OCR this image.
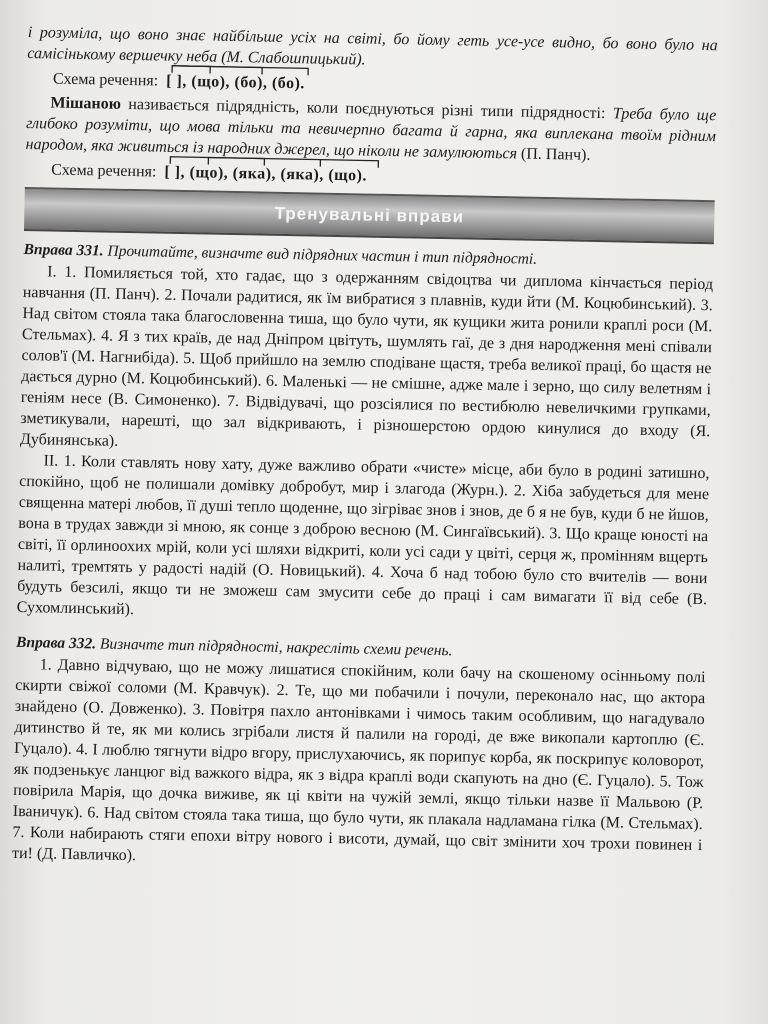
і розуміла, що воно знає найбільше усіх на світі, бо йому геть усе-усе видно, бо воно було на самісінькому вершечку неба (М. Слабошпицький).

Схема речення: [ ], (що), (бо), (бо).

Мішаною називається підрядність, коли поєднуються різні типи підрядності: Треба було ще глибоко розуміти, що мова тільки та невичерпно багата й гарна, яка виплекана твоїм рідним народом, яка живиться із народних джерел, що ніколи не замулюються (П. Панч).

Схема речення: [ ], (що), (яка), (яка), (що).
Тренувальні вправи

Вправа 331. Прочитайте, визначте вид підрядних частин і тип підрядності.

І. 1. Помиляється той, хто гадає, що з одержанням свідоцтва чи диплома кінчається період навчання (П. Панч). 2. Почали радитися, як їм вибратися з плавнів, куди йти (М. Коцюбинський). 3. Над світом стояла така благословенна тиша, що було чути, як кущики жита ронили краплі роси (М. Стельмах). 4. Я з тих країв, де над Дніпром цвітуть, шумлять гаї, де з дня народження мені співали солов'ї (М. Нагнибіда). 5. Щоб прийшло на землю сподіване щастя, треба великої праці, бо щастя не дається дурно (М. Коцюбинський). 6. Маленькі — не смішне, адже мале і зерно, що силу велетням і геніям несе (В. Симоненко). 7. Відвідувачі, що розсіялися по вестибюлю невеличкими групками, зметикували, нарешті, що зал відкривають, і різношерстою ордою кинулися до входу (Я. Дубинянська).

ІІ. 1. Коли ставлять нову хату, дуже важливо обрати «чисте» місце, аби було в родині затишно, спокійно, щоб не полишали домівку добробут, мир і злагода (Журн.). 2. Хіба забудеться для мене священна матері любов, її душі тепло щоденне, що зігріває знов і знов, де б я не був, куди б не йшов, вона в трудах завжди зі мною, як сонце з доброю весною (М. Сингаївський). 3. Що краще юності на світі, її орлиноохих мрій, коли усі шляхи відкриті, коли усі сади у цвіті, серця ж, промінням вщерть налиті, тремтять у радості надій (О. Новицький). 4. Хоча б над тобою було сто вчителів — вони будуть безсилі, якщо ти не зможеш сам змусити себе до праці і сам вимагати її від себе (В. Сухомлинський).

Вправа 332. Визначте тип підрядності, накресліть схеми речень.

1. Давно відчуваю, що не можу лишатися спокійним, коли бачу на скошеному осінньому полі скирти свіжої соломи (М. Кравчук). 2. Те, що ми побачили і почули, переконало нас, що актора знайдено (О. Довженко). 3. Повітря пахло антонівками і чимось таким особливим, що нагадувало дитинство й те, як ми колись згрібали листя й палили на городі, де вже викопали картоплю (Є. Гуцало). 4. І люблю тягнути відро вгору, прислухаючись, як порипує корба, як поскрипує коловорот, як подзенькує ланцюг від важкого відра, як з відра краплі води скапують на дно (Є. Гуцало). 5. Тож повірила Марія, що дочка виживе, як ці квіти на чужій землі, якщо тільки назве її Мальвою (Р. Іваничук). 6. Над світом стояла така тиша, що було чути, як плакала надламана гілка (М. Стельмах). 7. Коли набирають стяги епохи вітру нового і висоти, думай, що світ змінити хоч трохи повинен і ти! (Д. Павличко).
